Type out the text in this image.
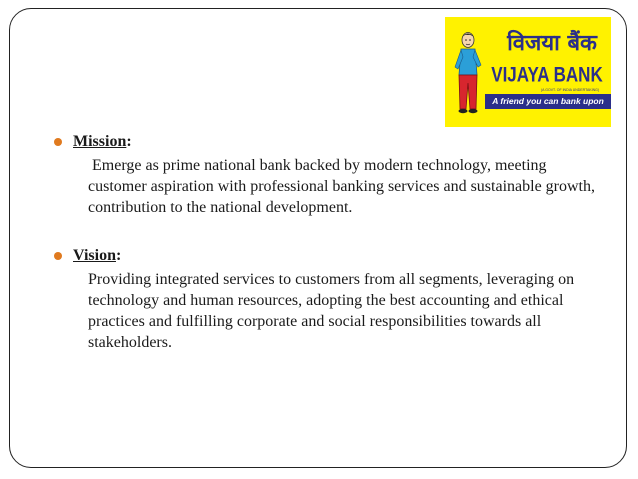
विजया बैंक
VIJAYA BANK
(A GOVT. OF INDIA UNDERTAKING)
A friend you can bank upon
Mission:

Emerge as prime national bank backed by modern technology, meeting customer aspiration with professional banking services and sustainable growth, contribution to the national development.

Vision:

Providing integrated services to customers from all segments, leveraging on technology and human resources, adopting the best accounting and ethical practices and fulfilling corporate and social responsibilities towards all stakeholders.
